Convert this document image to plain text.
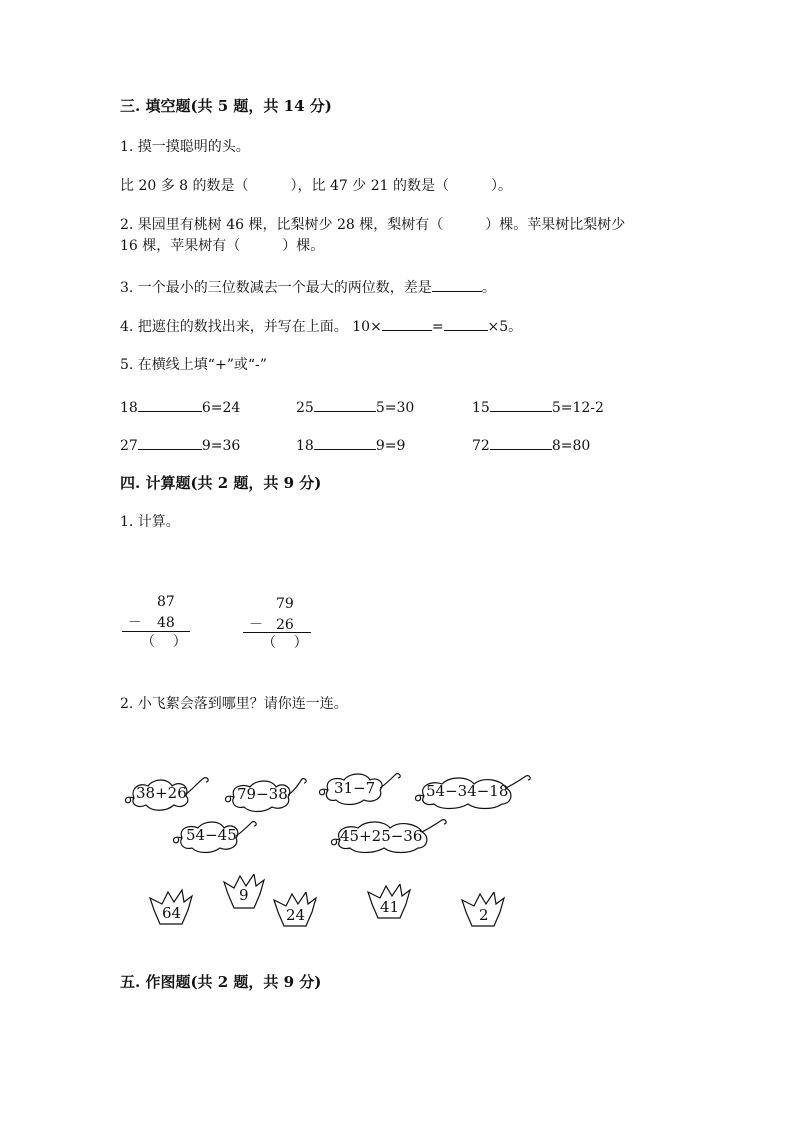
三. 填空题(共 5 题，共 14 分)
1. 摸一摸聪明的头。
比 20 多 8 的数是（	），比 47 少 21 的数是（	）。
2. 果园里有桃树 46 棵，比梨树少 28 棵，梨树有（	）棵。苹果树比梨树少
16 棵，苹果树有（	）棵。
3. 一个最小的三位数减去一个最大的两位数，差是	。
4. 把遮住的数找出来，并写在上面。 10×	=	×5。
5. 在横线上填“+”或“-”
18	6=24	25	5=30	15	5=12-2
27	9=36	18	9=9	72	8=80
四. 计算题(共 2 题，共 9 分)
1. 计算。
87
－ 48
（    ）
79
－ 26
（    ）
2. 小飞絮会落到哪里？请你连一连。
38+26	79−38	31−7	54−34−18
54−45	45+25−36
64
9
24	41	2
五. 作图题(共 2 题，共 9 分)
